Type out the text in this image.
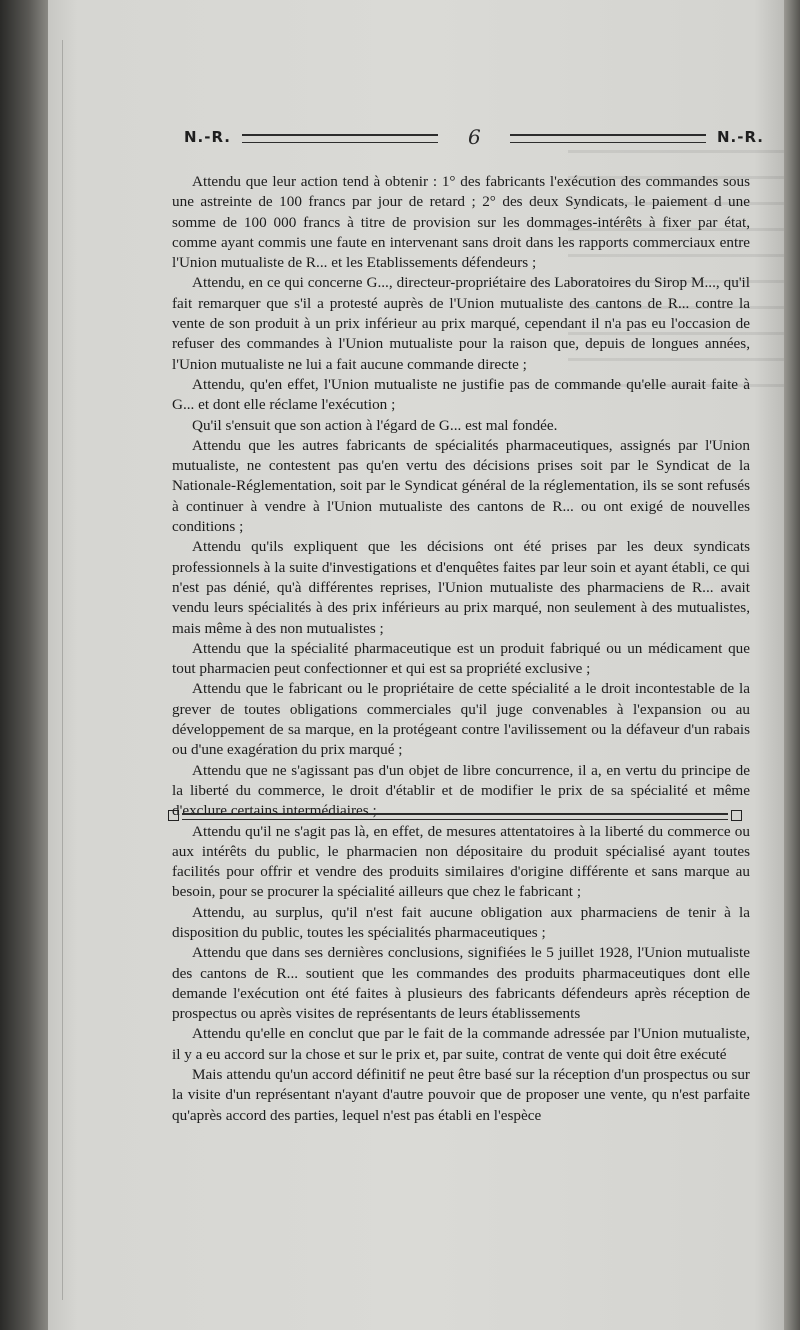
N.-R.	6	N.-R.

Attendu que leur action tend à obtenir : 1° des fabricants l'exécution des commandes sous une astreinte de 100 francs par jour de retard ; 2° des deux Syndicats, le paiement d une somme de 100 000 francs à titre de provision sur les dommages-intérêts à fixer par état, comme ayant commis une faute en intervenant sans droit dans les rapports commerciaux entre l'Union mutualiste de R... et les Etablissements défendeurs ;

Attendu, en ce qui concerne G..., directeur-propriétaire des Laboratoires du Sirop M..., qu'il fait remarquer que s'il a protesté auprès de l'Union mutualiste des cantons de R... contre la vente de son produit à un prix inférieur au prix marqué, cependant il n'a pas eu l'occasion de refuser des commandes à l'Union mutualiste pour la raison que, depuis de longues années, l'Union mutualiste ne lui a fait aucune commande directe ;

Attendu, qu'en effet, l'Union mutualiste ne justifie pas de commande qu'elle aurait faite à G... et dont elle réclame l'exécution ;

Qu'il s'ensuit que son action à l'égard de G... est mal fondée.

Attendu que les autres fabricants de spécialités pharmaceutiques, assignés par l'Union mutualiste, ne contestent pas qu'en vertu des décisions prises soit par le Syndicat de la Nationale-Réglementation, soit par le Syndicat général de la réglementation, ils se sont refusés à continuer à vendre à l'Union mutualiste des cantons de R... ou ont exigé de nouvelles conditions ;

Attendu qu'ils expliquent que les décisions ont été prises par les deux syndicats professionnels à la suite d'investigations et d'enquêtes faites par leur soin et ayant établi, ce qui n'est pas dénié, qu'à différentes reprises, l'Union mutualiste des pharmaciens de R... avait vendu leurs spécialités à des prix inférieurs au prix marqué, non seulement à des mutualistes, mais même à des non mutualistes ;

Attendu que la spécialité pharmaceutique est un produit fabriqué ou un médicament que tout pharmacien peut confectionner et qui est sa propriété exclusive ;

Attendu que le fabricant ou le propriétaire de cette spécialité a le droit incontestable de la grever de toutes obligations commerciales qu'il juge convenables à l'expansion ou au développement de sa marque, en la protégeant contre l'avilissement ou la défaveur d'un rabais ou d'une exagération du prix marqué ;

Attendu que ne s'agissant pas d'un objet de libre concurrence, il a, en vertu du principe de la liberté du commerce, le droit d'établir et de modifier le prix de sa spécialité et même d'exclure certains intermédiaires ;

Attendu qu'il ne s'agit pas là, en effet, de mesures attentatoires à la liberté du commerce ou aux intérêts du public, le pharmacien non dépositaire du produit spécialisé ayant toutes facilités pour offrir et vendre des produits similaires d'origine différente et sans marque au besoin, pour se procurer la spécialité ailleurs que chez le fabricant ;

Attendu, au surplus, qu'il n'est fait aucune obligation aux pharmaciens de tenir à la disposition du public, toutes les spécialités pharmaceutiques ;

Attendu que dans ses dernières conclusions, signifiées le 5 juillet 1928, l'Union mutualiste des cantons de R... soutient que les commandes des produits pharmaceutiques dont elle demande l'exécution ont été faites à plusieurs des fabricants défendeurs après réception de prospectus ou après visites de représentants de leurs établissements

Attendu qu'elle en conclut que par le fait de la commande adressée par l'Union mutualiste, il y a eu accord sur la chose et sur le prix et, par suite, contrat de vente qui doit être exécuté

Mais attendu qu'un accord définitif ne peut être basé sur la réception d'un prospectus ou sur la visite d'un représentant n'ayant d'autre pouvoir que de proposer une vente, qu n'est parfaite qu'après accord des parties, lequel n'est pas établi en l'espèce
